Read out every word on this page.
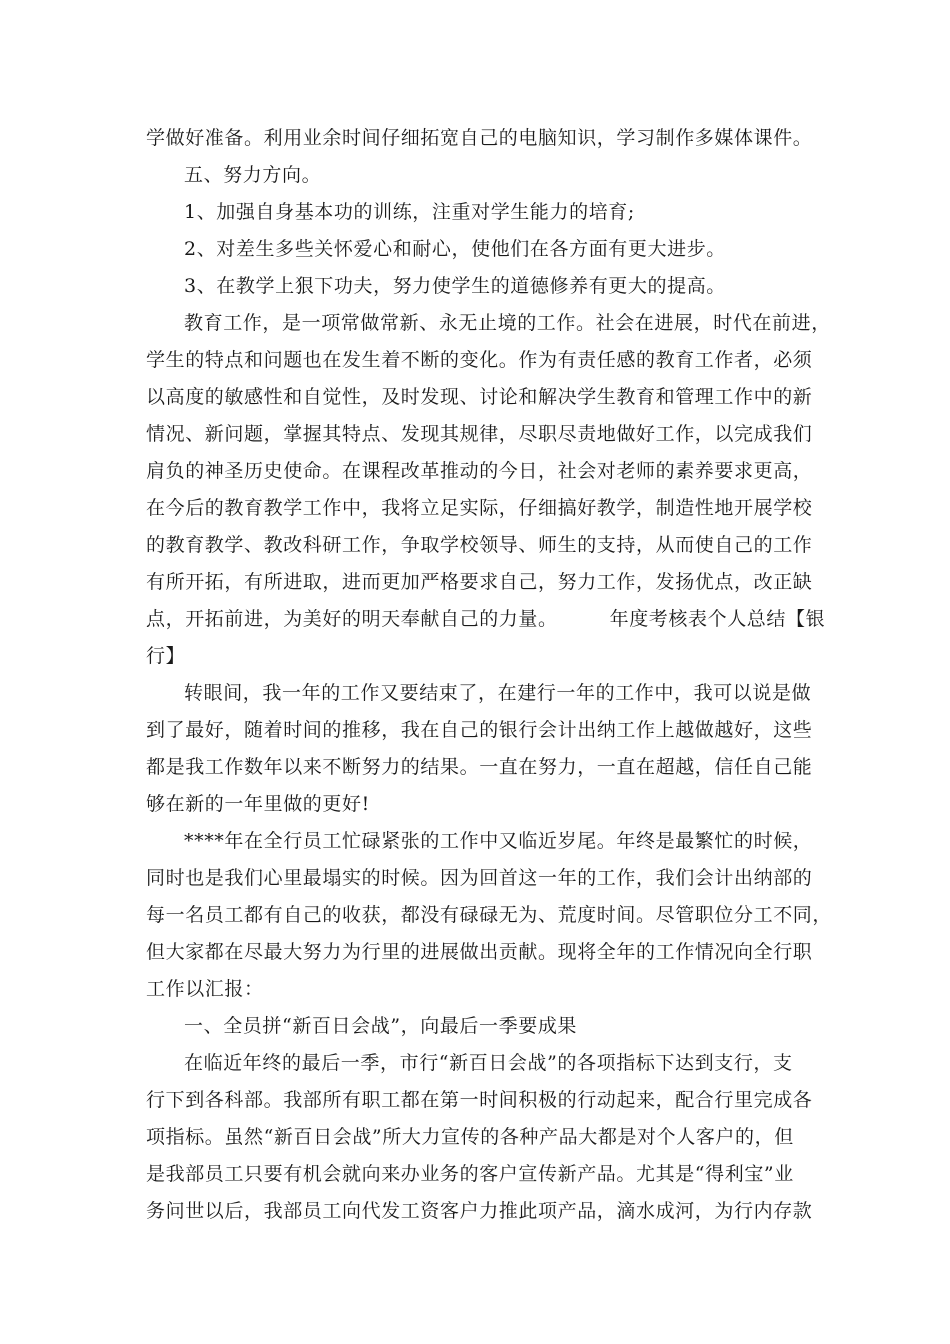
学做好准备。利用业余时间仔细拓宽自己的电脑知识，学习制作多媒体课件。
五、努力方向。
1、加强自身基本功的训练，注重对学生能力的培育;
2、对差生多些关怀爱心和耐心，使他们在各方面有更大进步。
3、在教学上狠下功夫，努力使学生的道德修养有更大的提高。
教育工作，是一项常做常新、永无止境的工作。社会在进展，时代在前进，
学生的特点和问题也在发生着不断的变化。作为有责任感的教育工作者，必须
以高度的敏感性和自觉性，及时发现、讨论和解决学生教育和管理工作中的新
情况、新问题，掌握其特点、发现其规律，尽职尽责地做好工作，以完成我们
肩负的神圣历史使命。在课程改革推动的今日，社会对老师的素养要求更高，
在今后的教育教学工作中，我将立足实际，仔细搞好教学，制造性地开展学校
的教育教学、教改科研工作，争取学校领导、师生的支持，从而使自己的工作
有所开拓，有所进取，进而更加严格要求自己，努力工作，发扬优点，改正缺
点，开拓前进，为美好的明天奉献自己的力量。	年度考核表个人总结【银
行】
转眼间，我一年的工作又要结束了，在建行一年的工作中，我可以说是做
到了最好，随着时间的推移，我在自己的银行会计出纳工作上越做越好，这些
都是我工作数年以来不断努力的结果。一直在努力，一直在超越，信任自己能
够在新的一年里做的更好!
****年在全行员工忙碌紧张的工作中又临近岁尾。年终是最繁忙的时候，
同时也是我们心里最塌实的时候。因为回首这一年的工作，我们会计出纳部的
每一名员工都有自己的收获，都没有碌碌无为、荒度时间。尽管职位分工不同，
但大家都在尽最大努力为行里的进展做出贡献。现将全年的工作情况向全行职
工作以汇报：
一、全员拼“新百日会战”，向最后一季要成果
在临近年终的最后一季，市行“新百日会战”的各项指标下达到支行，支
行下到各科部。我部所有职工都在第一时间积极的行动起来，配合行里完成各
项指标。虽然“新百日会战”所大力宣传的各种产品大都是对个人客户的，但
是我部员工只要有机会就向来办业务的客户宣传新产品。尤其是“得利宝”业
务问世以后，我部员工向代发工资客户力推此项产品，滴水成河，为行内存款
